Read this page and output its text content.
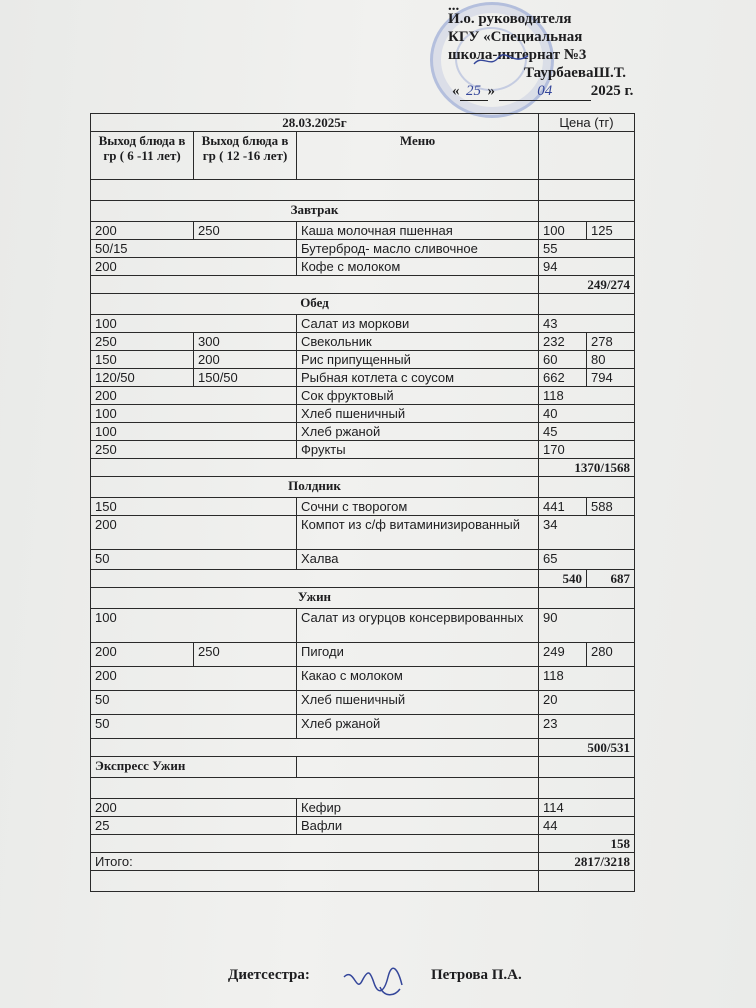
...
И.о. руководителя
КГУ «Специальная
школа-интернат №3
ТаурбаеваШ.Т.
« 25 »	04	2025 г.
28.03.2025г			Цена (тг)	
Выход блюда в гр ( 6 -11 лет)	Выход блюда в гр ( 12 -16 лет)	Меню		

Завтрак				
200	250	Каша молочная пшенная	100	125
50/15		Бутерброд- масло сливочное	55	
200		Кофе с молоком	94	
			249/274	
Обед				
100		Салат из моркови	43	
250	300	Свекольник	232	278
150	200	Рис припущенный	60	80
120/50	150/50	Рыбная котлета с соусом	662	794
200		Сок фруктовый	118	
100		Хлеб пшеничный	40	
100		Хлеб ржаной	45	
250		Фрукты	170	
			1370/1568	
Полдник				
150		Сочни с творогом	441	588
200		Компот из с/ф витаминизированный	34	
50		Халва	65	
			540	687
Ужин				
100		Салат из огурцов консервированных	90	
200	250	Пигоди	249	280
200		Какао с молоком	118	
50		Хлеб пшеничный	20	
50		Хлеб ржаной	23	
			500/531	
Экспресс Ужин				

200		Кефир	114	
25		Вафли	44	
			158	
Итого:			2817/3218	

Диетсестра:	Петрова П.А.
